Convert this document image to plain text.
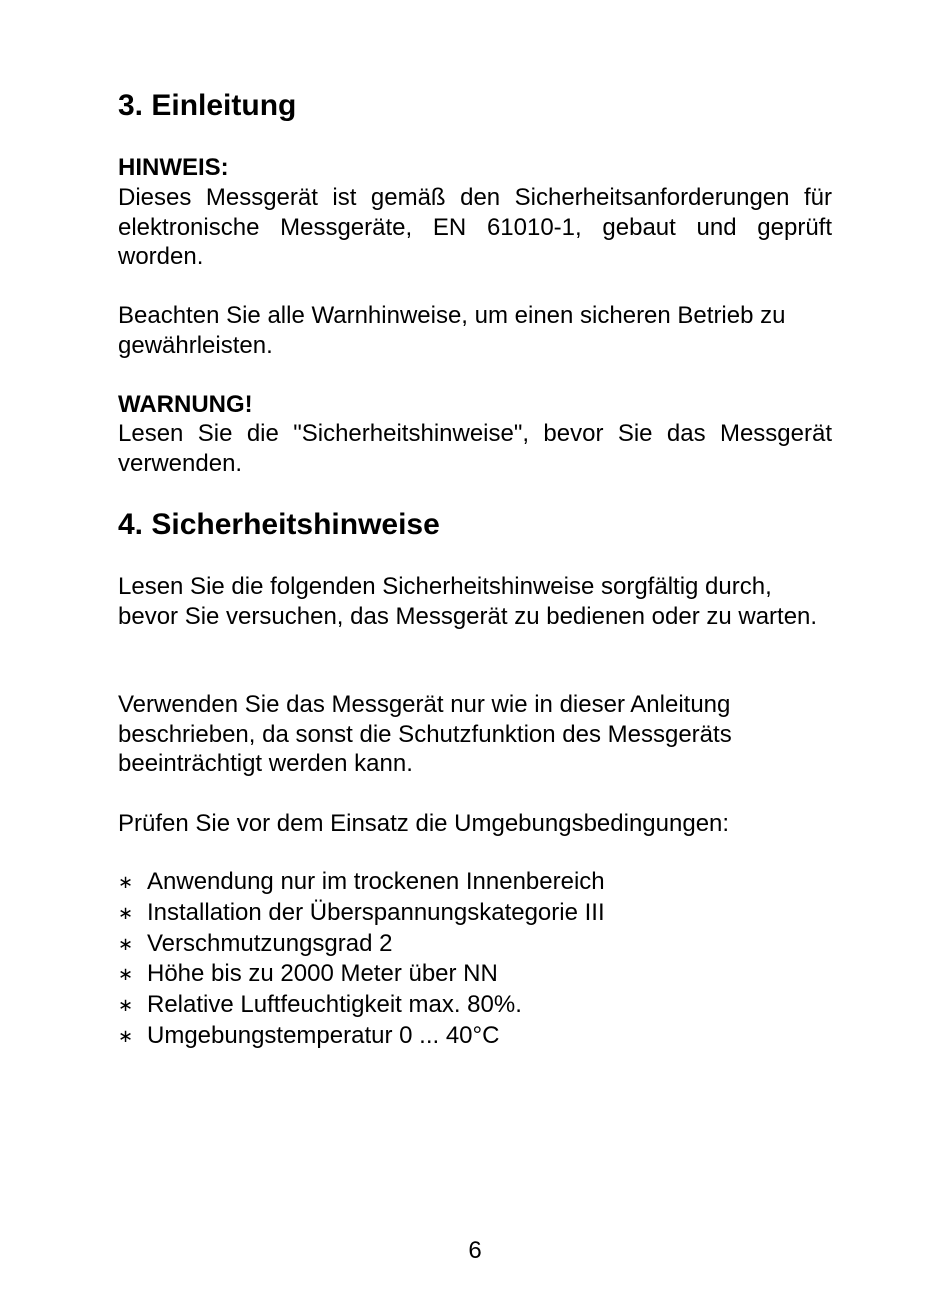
3. Einleitung
HINWEIS:

Dieses Messgerät ist gemäß den Sicherheitsanforderungen für elektronische Messgeräte, EN 61010-1, gebaut und geprüft worden.

Beachten Sie alle Warnhinweise, um einen sicheren Betrieb zu gewährleisten.

WARNUNG!

Lesen Sie die "Sicherheitshinweise", bevor Sie das Messgerät verwenden.

4. Sicherheitshinweise

Lesen Sie die folgenden Sicherheitshinweise sorgfältig durch, bevor Sie versuchen, das Messgerät zu bedienen oder zu warten.

Verwenden Sie das Messgerät nur wie in dieser Anleitung beschrieben, da sonst die Schutzfunktion des Messgeräts beeinträchtigt werden kann.

Prüfen Sie vor dem Einsatz die Umgebungsbedingungen:

∗ Anwendung nur im trockenen Innenbereich
∗ Installation der Überspannungskategorie III
∗ Verschmutzungsgrad 2
∗ Höhe bis zu 2000 Meter über NN
∗ Relative Luftfeuchtigkeit max. 80%.
∗ Umgebungstemperatur 0 ... 40°C
6
